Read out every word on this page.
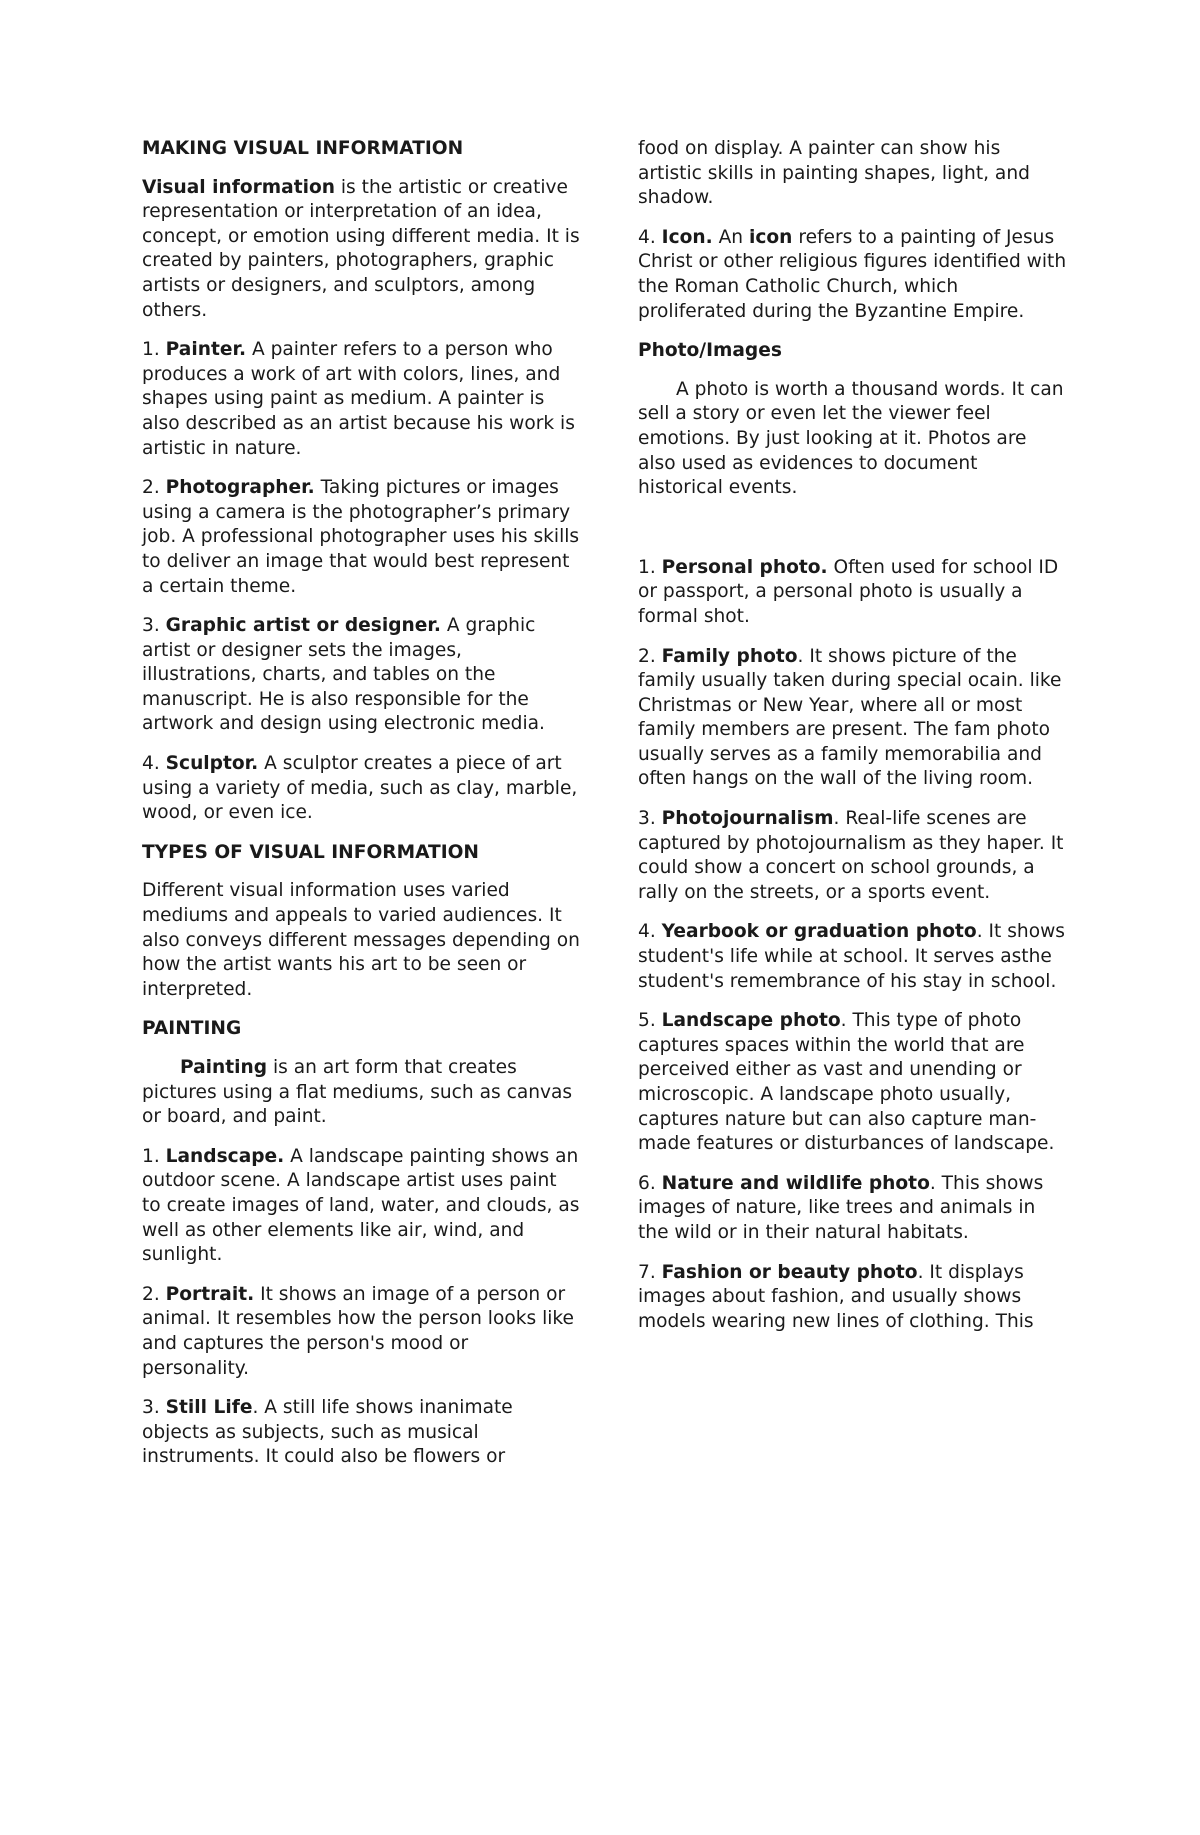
MAKING VISUAL INFORMATION

Visual information is the artistic or creative representation or interpretation of an idea, concept, or emotion using different media. It is created by painters, photographers, graphic artists or designers, and sculptors, among others.

1. Painter. A painter refers to a person who produces a work of art with colors, lines, and shapes using paint as medium. A painter is also described as an artist because his work is artistic in nature.

2. Photographer. Taking pictures or images using a camera is the photographer’s primary job. A professional photographer uses his skills to deliver an image that would best represent a certain theme.

3. Graphic artist or designer. A graphic artist or designer sets the images, illustrations, charts, and tables on the manuscript. He is also responsible for the artwork and design using electronic media.

4. Sculptor. A sculptor creates a piece of art using a variety of media, such as clay, marble, wood, or even ice.

TYPES OF VISUAL INFORMATION

Different visual information uses varied mediums and appeals to varied audiences. It also conveys different messages depending on how the artist wants his art to be seen or interpreted.

PAINTING

Painting is an art form that creates pictures using a flat mediums, such as canvas or board, and paint.

1. Landscape. A landscape painting shows an outdoor scene. A landscape artist uses paint to create images of land, water, and clouds, as well as other elements like air, wind, and sunlight.

2. Portrait. It shows an image of a person or animal. It resembles how the person looks like and captures the person's mood or personality.

3. Still Life. A still life shows inanimate objects as subjects, such as musical instruments. It could also be flowers or

food on display. A painter can show his artistic skills in painting shapes, light, and shadow.

4. Icon. An icon refers to a painting of Jesus Christ or other religious figures identified with the Roman Catholic Church, which proliferated during the Byzantine Empire.

Photo/Images

A photo is worth a thousand words. It can sell a story or even let the viewer feel emotions. By just looking at it. Photos are also used as evidences to document historical events.

1. Personal photo. Often used for school ID or passport, a personal photo is usually a formal shot.

2. Family photo. It shows picture of the family usually taken during special ocain. like Christmas or New Year, where all or most family members are present. The fam photo usually serves as a family memorabilia and often hangs on the wall of the living room.

3. Photojournalism. Real-life scenes are captured by photojournalism as they haper. It could show a concert on school grounds, a rally on the streets, or a sports event.

4. Yearbook or graduation photo. It shows student's life while at school. It serves asthe student's remembrance of his stay in school.

5. Landscape photo. This type of photo captures spaces within the world that are perceived either as vast and unending or microscopic. A landscape photo usually, captures nature but can also capture man-made features or disturbances of landscape.

6. Nature and wildlife photo. This shows images of nature, like trees and animals in the wild or in their natural habitats.

7. Fashion or beauty photo. It displays images about fashion, and usually shows models wearing new lines of clothing. This
